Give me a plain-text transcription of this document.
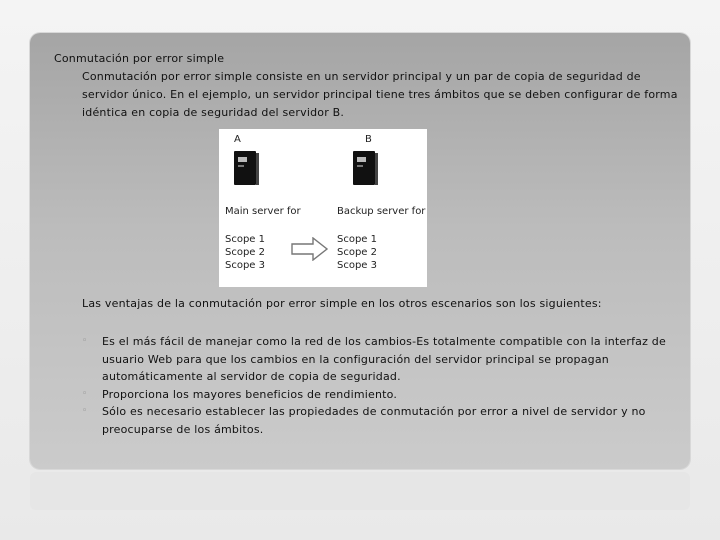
Conmutación por error simple
Conmutación por error simple consiste en un servidor principal y un par de copia de seguridad de servidor único. En el ejemplo, un servidor principal tiene tres ámbitos que se deben configurar de forma idéntica en copia de seguridad del servidor B.
A
Main server for
Scope 1
Scope 2
Scope 3
B
Backup server for
Scope 1
Scope 2
Scope 3
Las ventajas de la conmutación por error simple en los otros escenarios son los siguientes:
◦ Es el más fácil de manejar como la red de los cambios-Es totalmente compatible con la interfaz de usuario Web para que los cambios en la configuración del servidor principal se propagan automáticamente al servidor de copia de seguridad.
◦ Proporciona los mayores beneficios de rendimiento.
◦ Sólo es necesario establecer las propiedades de conmutación por error a nivel de servidor y no preocuparse de los ámbitos.
